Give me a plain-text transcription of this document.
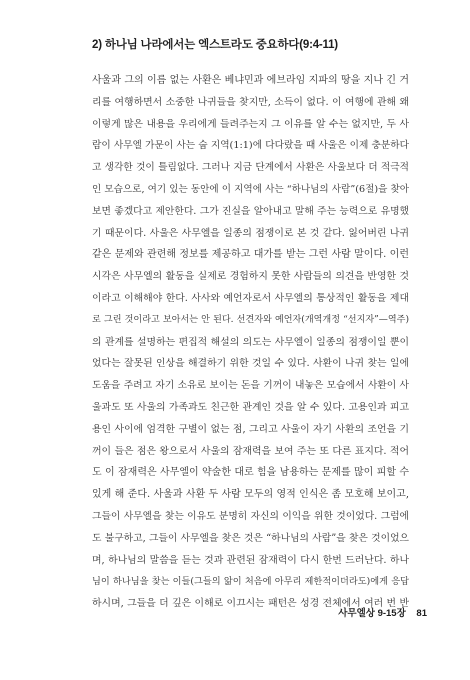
2) 하나님 나라에서는 엑스트라도 중요하다(9:4-11)
사울과 그의 이름 없는 사환은 베냐민과 에브라임 지파의 땅을 지나 긴 거
리를 여행하면서 소중한 나귀들을 찾지만, 소득이 없다. 이 여행에 관해 왜
이렇게 많은 내용을 우리에게 들려주는지 그 이유를 알 수는 없지만, 두 사
람이 사무엘 가문이 사는 숩 지역(1:1)에 다다랐을 때 사울은 이제 충분하다
고 생각한 것이 틀림없다. 그러나 지금 단계에서 사환은 사울보다 더 적극적
인 모습으로, 여기 있는 동안에 이 지역에 사는 “하나님의 사람”(6절)을 찾아
보면 좋겠다고 제안한다. 그가 진실을 알아내고 말해 주는 능력으로 유명했
기 때문이다. 사울은 사무엘을 일종의 점쟁이로 본 것 같다. 잃어버린 나귀
같은 문제와 관련해 정보를 제공하고 대가를 받는 그런 사람 말이다. 이런
시각은 사무엘의 활동을 실제로 경험하지 못한 사람들의 의견을 반영한 것
이라고 이해해야 한다. 사사와 예언자로서 사무엘의 통상적인 활동을 제대
로 그린 것이라고 보아서는 안 된다. 선견자와 예언자(개역개정 “선지자”—역주)
의 관계를 설명하는 편집적 해설의 의도는 사무엘이 일종의 점쟁이일 뿐이
었다는 잘못된 인상을 해결하기 위한 것일 수 있다. 사환이 나귀 찾는 일에
도움을 주려고 자기 소유로 보이는 돈을 기꺼이 내놓은 모습에서 사환이 사
울과도 또 사울의 가족과도 친근한 관계인 것을 알 수 있다. 고용인과 피고
용인 사이에 엄격한 구별이 없는 점, 그리고 사울이 자기 사환의 조언을 기
꺼이 들은 점은 왕으로서 사울의 잠재력을 보여 주는 또 다른 표지다. 적어
도 이 잠재력은 사무엘이 약술한 대로 힘을 남용하는 문제를 많이 피할 수
있게 해 준다. 사울과 사환 두 사람 모두의 영적 인식은 좀 모호해 보이고,
그들이 사무엘을 찾는 이유도 분명히 자신의 이익을 위한 것이었다. 그럼에
도 불구하고, 그들이 사무엘을 찾은 것은 “하나님의 사람”을 찾은 것이었으
며, 하나님의 말씀을 듣는 것과 관련된 잠재력이 다시 한번 드러난다. 하나
님이 하나님을 찾는 이들(그들의 앎이 처음에 아무리 제한적이더라도)에게 응답
하시며, 그들을 더 깊은 이해로 이끄시는 패턴은 성경 전체에서 여러 번 반
사무엘상 9-15장 81
